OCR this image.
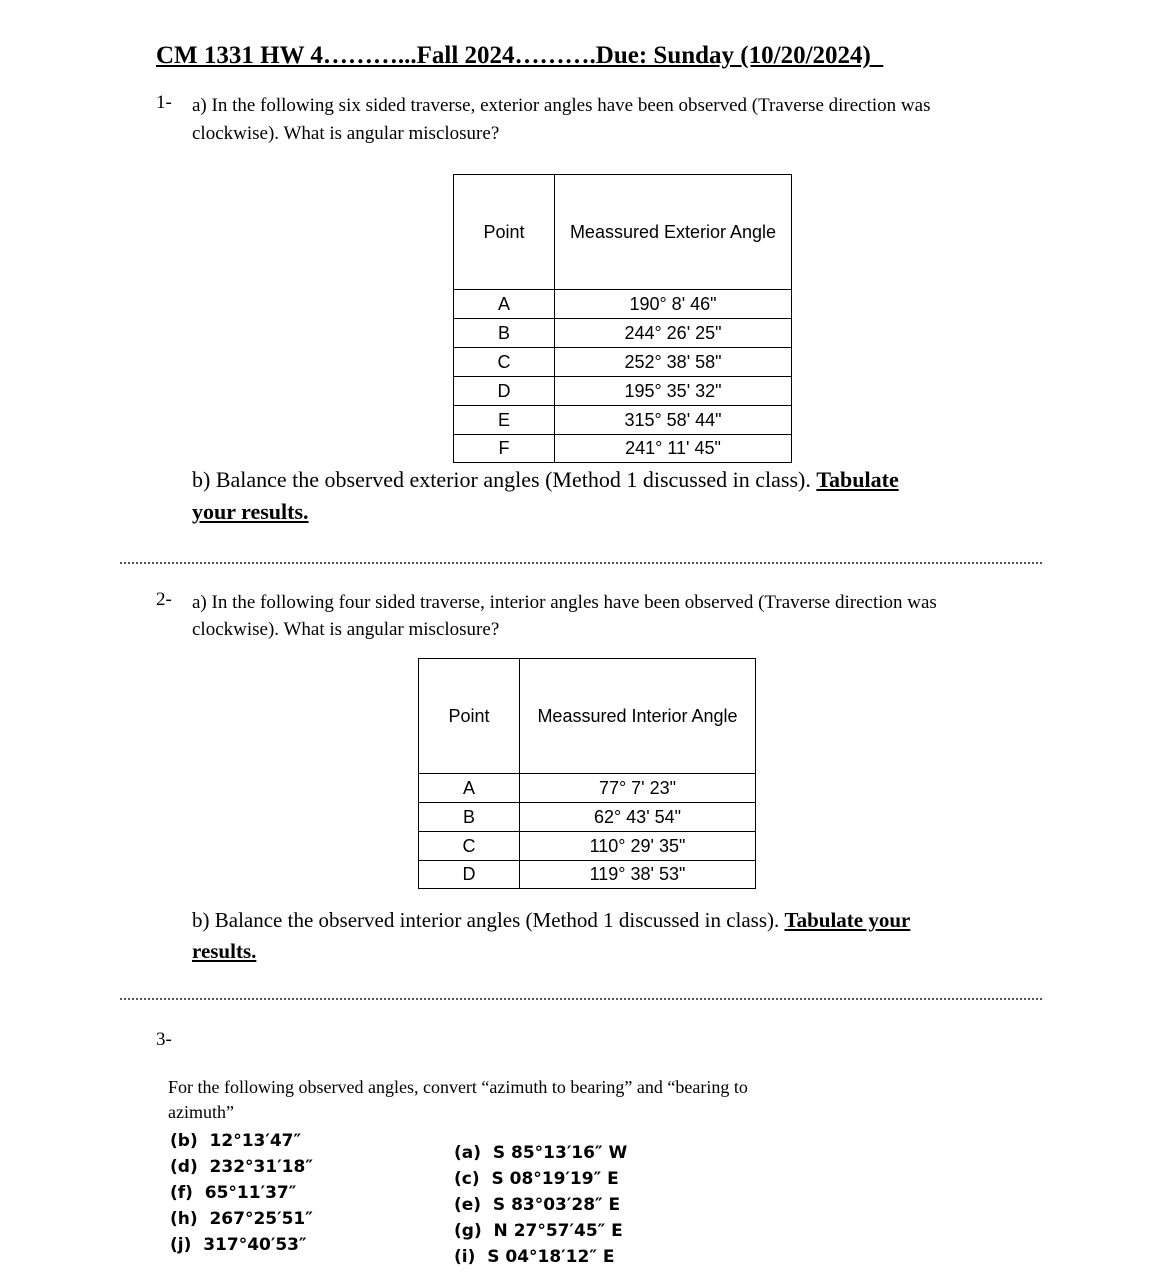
CM 1331 HW 4………...Fall 2024……….Due: Sunday (10/20/2024)
1- a) In the following six sided traverse, exterior angles have been observed (Traverse direction was
clockwise). What is angular misclosure?
Point	Meassured Exterior Angle
A	190° 8' 46"
B	244° 26' 25"
C	252° 38' 58"
D	195° 35' 32"
E	315° 58' 44"
F	241° 11' 45"
b) Balance the observed exterior angles (Method 1 discussed in class). Tabulate
your results.
2- a) In the following four sided traverse, interior angles have been observed (Traverse direction was
clockwise). What is angular misclosure?
Point	Meassured Interior Angle
A	77° 7' 23"
B	62° 43' 54"
C	110° 29' 35"
D	119° 38' 53"
b) Balance the observed interior angles (Method 1 discussed in class). Tabulate your
results.
3-
For the following observed angles, convert “azimuth to bearing” and “bearing to
azimuth”
(b)  12°13′47″
(d)  232°31′18″
(f)  65°11′37″
(h)  267°25′51″
(j)  317°40′53″
(a)  S 85°13′16″ W
(c)  S 08°19′19″ E
(e)  S 83°03′28″ E
(g)  N 27°57′45″ E
(i)  S 04°18′12″ E
